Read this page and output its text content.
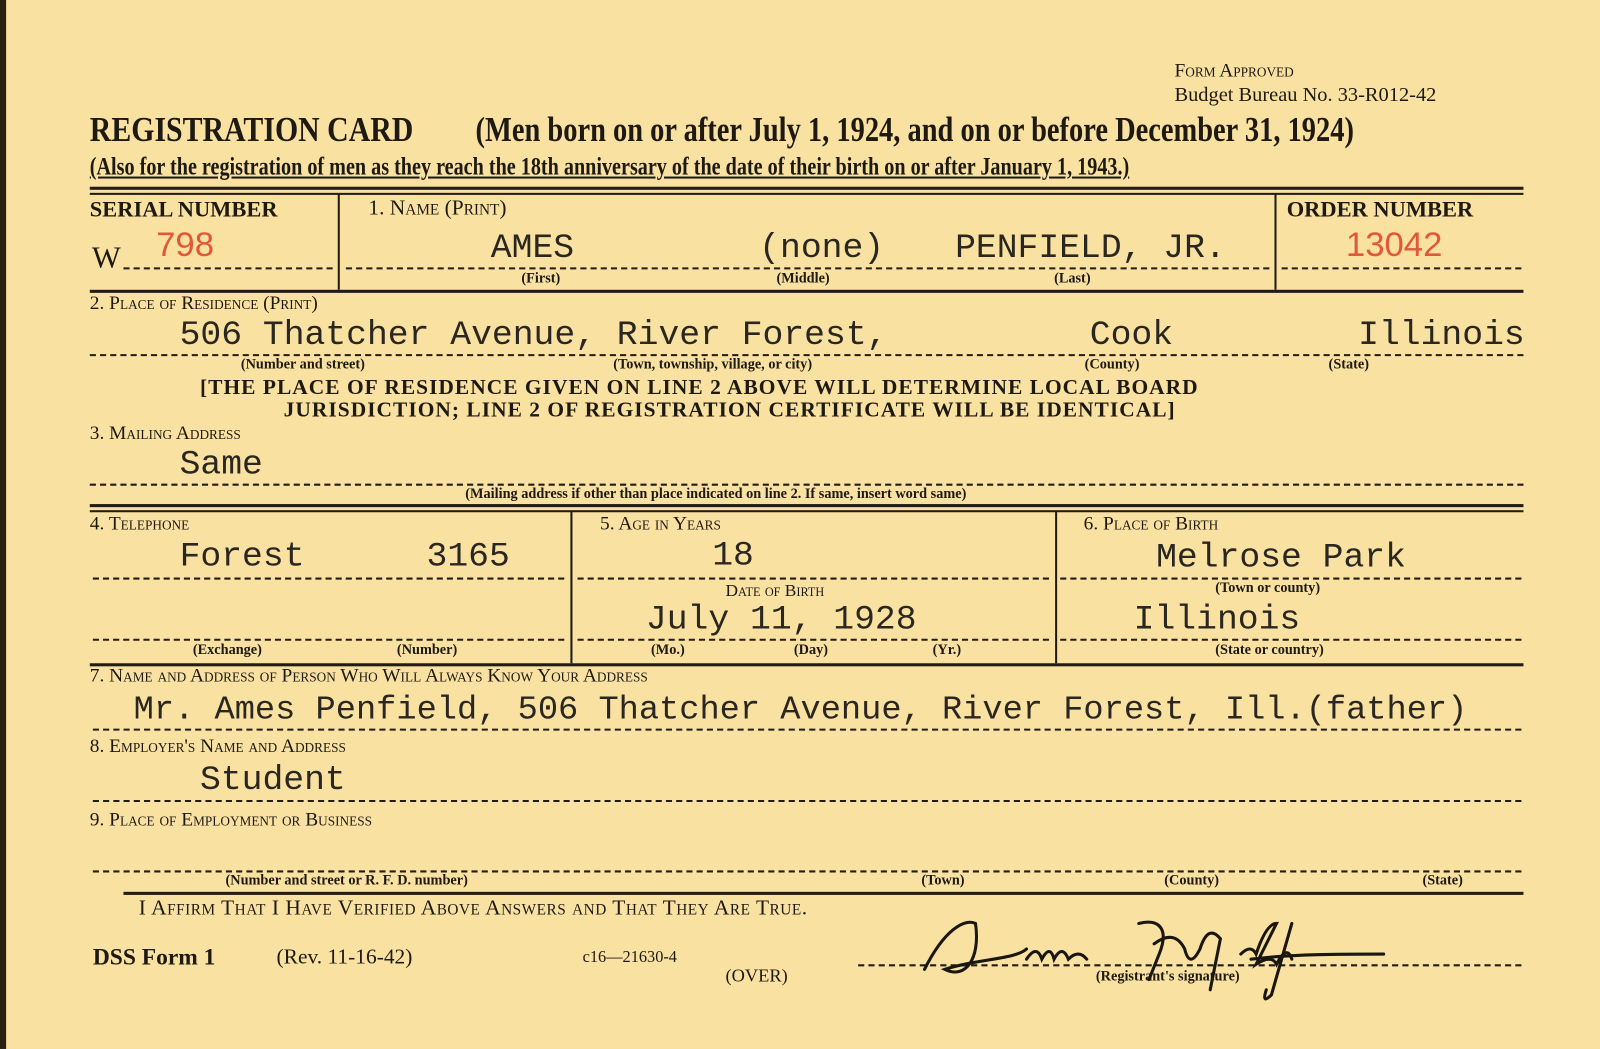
Form Approved
Budget Bureau No. 33-R012-42
REGISTRATION CARD (Men born on or after July 1, 1924, and on or before December 31, 1924)
(Also for the registration of men as they reach the 18th anniversary of the date of their birth on or after January 1, 1943.)
SERIAL NUMBER
W 798
1. Name (Print)
AMES	(none) PENFIELD, JR.
(First)	(Middle)	(Last)
ORDER NUMBER
13042
2. Place of Residence (Print)
506 Thatcher Avenue, River Forest,	Cook	Illinois
(Number and street)	(Town, township, village, or city)	(County)	(State)
[THE PLACE OF RESIDENCE GIVEN ON LINE 2 ABOVE WILL DETERMINE LOCAL BOARD
JURISDICTION; LINE 2 OF REGISTRATION CERTIFICATE WILL BE IDENTICAL]
3. Mailing Address
Same
(Mailing address if other than place indicated on line 2. If same, insert word same)
4. Telephone
Forest	3165
(Exchange)	(Number)
5. Age in Years
18
Date of Birth
July 11, 1928
(Mo.)	(Day)	(Yr.)
6. Place of Birth
Melrose Park
(Town or county)
Illinois
(State or country)
7. Name and Address of Person Who Will Always Know Your Address
Mr. Ames Penfield, 506 Thatcher Avenue, River Forest, Ill.(father)
8. Employer's Name and Address
Student
9. Place of Employment or Business
(Number and street or R. F. D. number)	(Town)	(County)	(State)
I Affirm That I Have Verified Above Answers and That They Are True.
DSS Form 1	(Rev. 11-16-42)	c16—21630-4
(OVER)	(Registrant's signature)
